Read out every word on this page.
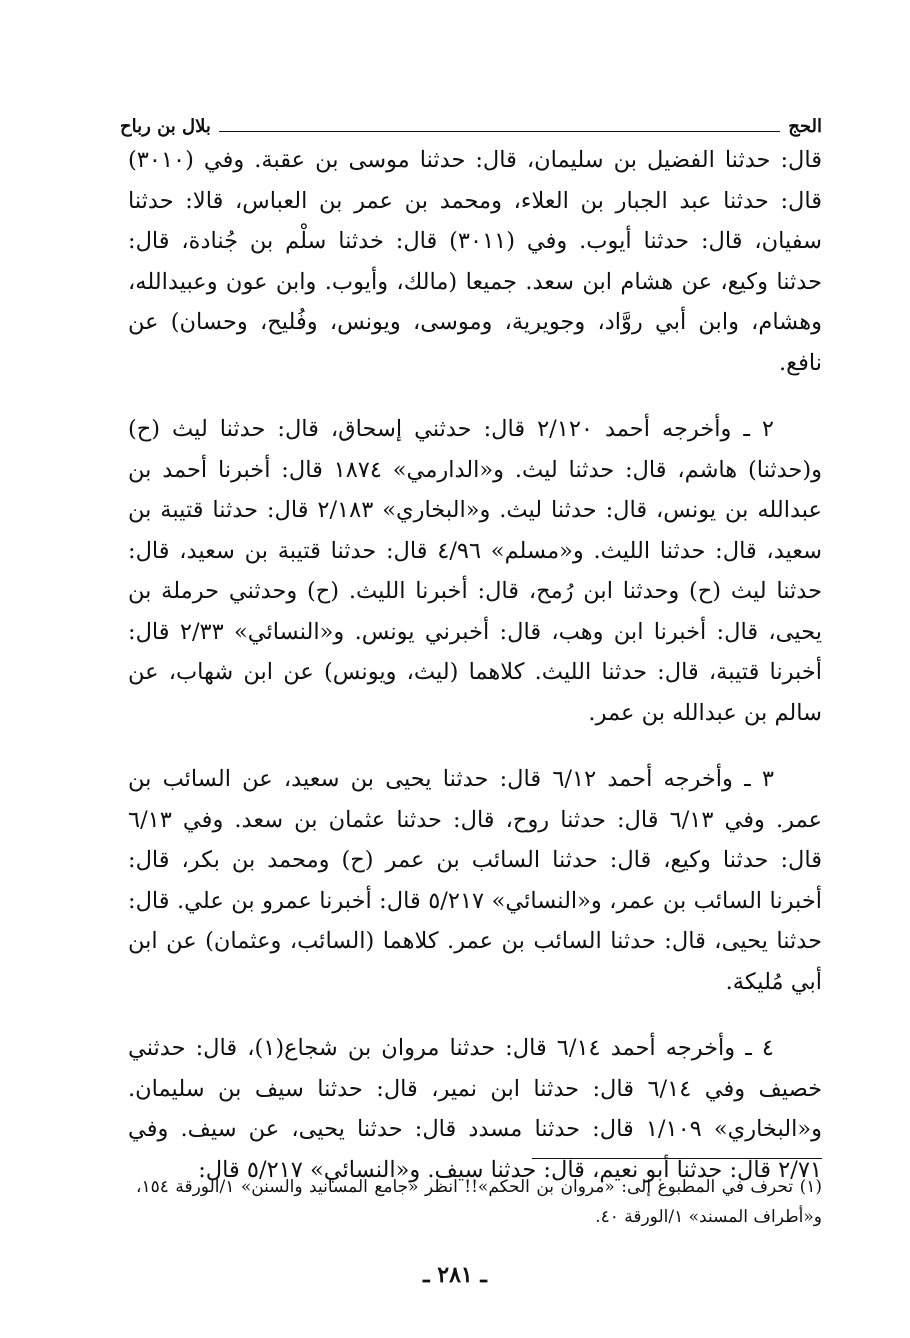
الحج
بلال بن رباح

قال: حدثنا الفضيل بن سليمان، قال: حدثنا موسى بن عقبة. وفي (٣٠١٠) قال: حدثنا عبد الجبار بن العلاء، ومحمد بن عمر بن العباس، قالا: حدثنا سفيان، قال: حدثنا أيوب. وفي (٣٠١١) قال: خدثنا سلْم بن جُنادة، قال: حدثنا وكيع، عن هشام ابن سعد. جميعا (مالك، وأيوب. وابن عون وعبيدالله، وهشام، وابن أبي روَّاد، وجويرية، وموسى، ويونس، وفُليح، وحسان) عن نافع.

٢ ـ وأخرجه أحمد ٢/١٢٠ قال: حدثني إسحاق، قال: حدثنا ليث (ح) و(حدثنا) هاشم، قال: حدثنا ليث. و«الدارمي» ١٨٧٤ قال: أخبرنا أحمد بن عبدالله بن يونس، قال: حدثنا ليث. و«البخاري» ٢/١٨٣ قال: حدثنا قتيبة بن سعيد، قال: حدثنا الليث. و«مسلم» ٤/٩٦ قال: حدثنا قتيبة بن سعيد، قال: حدثنا ليث (ح) وحدثنا ابن رُمح، قال: أخبرنا الليث. (ح) وحدثني حرملة بن يحيى، قال: أخبرنا ابن وهب، قال: أخبرني يونس. و«النسائي» ٢/٣٣ قال: أخبرنا قتيبة، قال: حدثنا الليث. كلاهما (ليث، ويونس) عن ابن شهاب، عن سالم بن عبدالله بن عمر.

٣ ـ وأخرجه أحمد ٦/١٢ قال: حدثنا يحيى بن سعيد، عن السائب بن عمر. وفي ٦/١٣ قال: حدثنا روح، قال: حدثنا عثمان بن سعد. وفي ٦/١٣ قال: حدثنا وكيع، قال: حدثنا السائب بن عمر (ح) ومحمد بن بكر، قال: أخبرنا السائب بن عمر، و«النسائي» ٥/٢١٧ قال: أخبرنا عمرو بن علي. قال: حدثنا يحيى، قال: حدثنا السائب بن عمر. كلاهما (السائب، وعثمان) عن ابن أبي مُليكة.

٤ ـ وأخرجه أحمد ٦/١٤ قال: حدثنا مروان بن شجاع(١)، قال: حدثني خصيف وفي ٦/١٤ قال: حدثنا ابن نمير، قال: حدثنا سيف بن سليمان. و«البخاري» ١/١٠٩ قال: حدثنا مسدد قال: حدثنا يحيى، عن سيف. وفي ٢/٧١ قال: حدثنا أبو نعيم، قال: حدثنا سيف. و«النسائي» ٥/٢١٧ قال:

(١) تحرف في المطبوع إلى: «مروان بن الحكم»!! انظر «جامع المسانيد والسنن» ١/الورقة ١٥٤، و«أطراف المسند» ١/الورقة ٤٠.
ـ ٢٨١ ـ
